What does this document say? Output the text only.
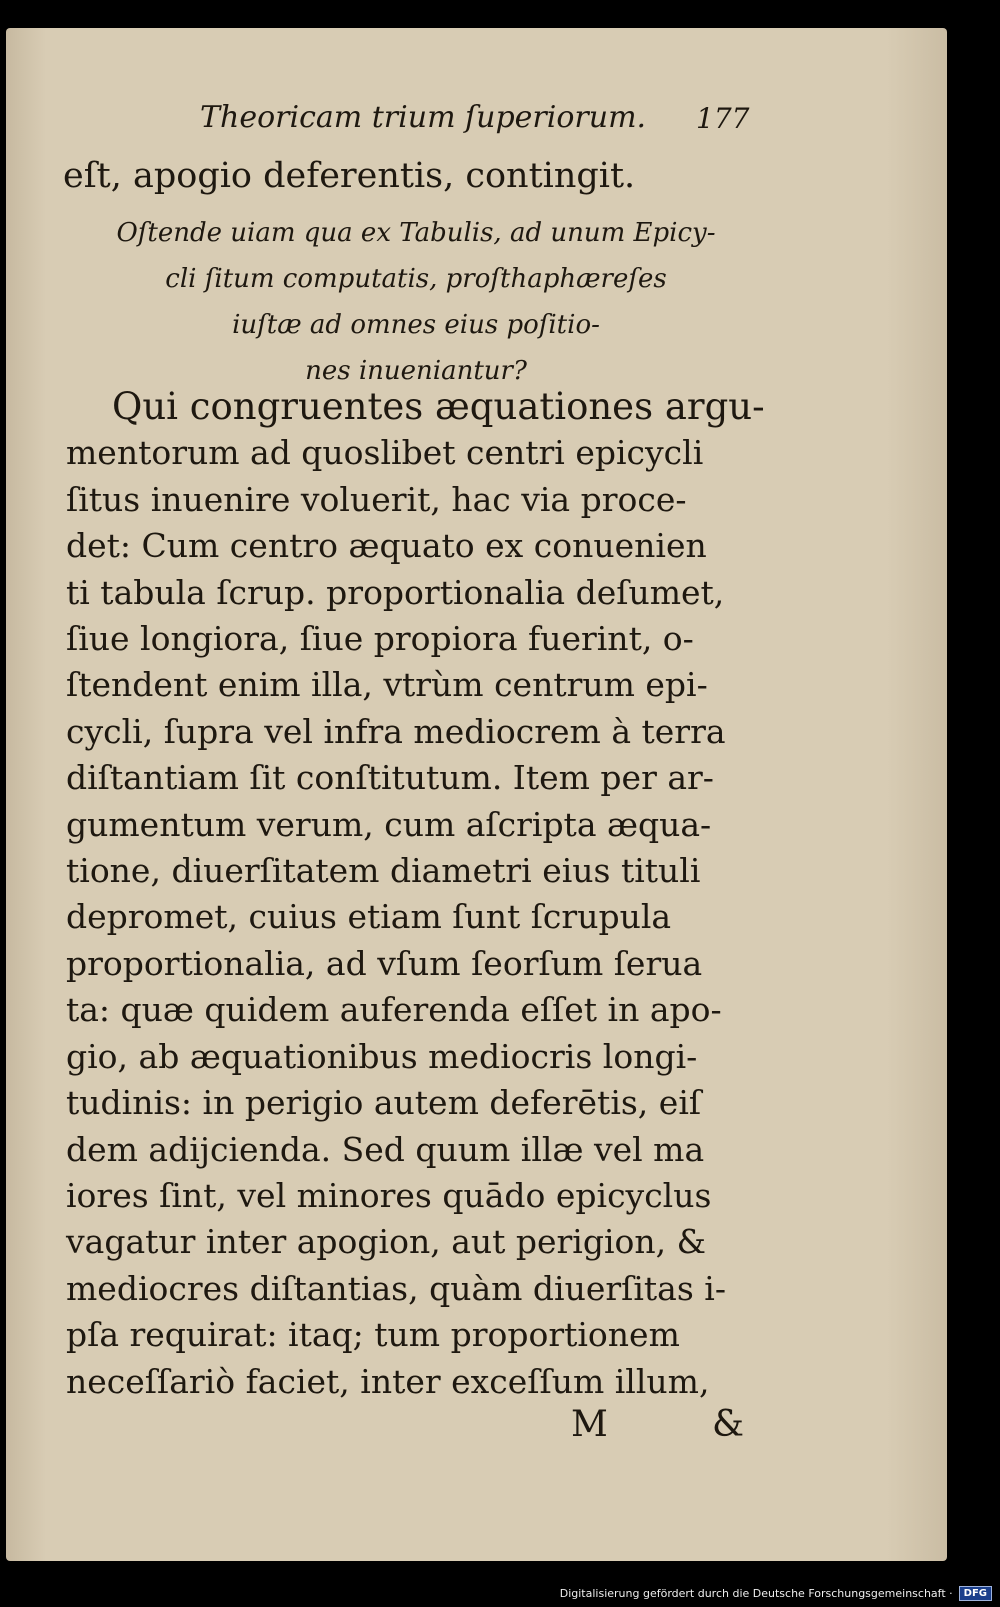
Theoricam trium ſuperiorum.	177
eſt, apogio deferentis, contingit.
Oſtende uiam qua ex Tabulis, ad unum Epicy-
cli ſitum computatis, proſthaphæreſes
iuſtæ ad omnes eius poſitio-
nes inueniantur?
Qui congruentes æquationes argu-
mentorum ad quoslibet centri epicycli
ſitus inuenire voluerit, hac via proce-
det: Cum centro æquato ex conuenien
ti tabula ſcrup. proportionalia deſumet,
ſiue longiora, ſiue propiora fuerint, o-
ſtendent enim illa, vtrùm centrum epi-
cycli, ſupra vel infra mediocrem à terra
diſtantiam ſit conſtitutum. Item per ar-
gumentum verum, cum aſcripta æqua-
tione, diuerſitatem diametri eius tituli
depromet, cuius etiam ſunt ſcrupula
proportionalia, ad vſum ſeorſum ſerua
ta: quæ quidem auferenda eſſet in apo-
gio, ab æquationibus mediocris longi-
tudinis: in perigio autem deferētis, eiſ
dem adijcienda. Sed quum illæ vel ma
iores ſint, vel minores quādo epicyclus
vagatur inter apogion, aut perigion, &
mediocres diſtantias, quàm diuerſitas i-
pſa requirat: itaq; tum proportionem
neceſſariò faciet, inter exceſſum illum,
M	&
Digitalisierung gefördert durch die Deutsche Forschungsgemeinschaft ·	DFG
